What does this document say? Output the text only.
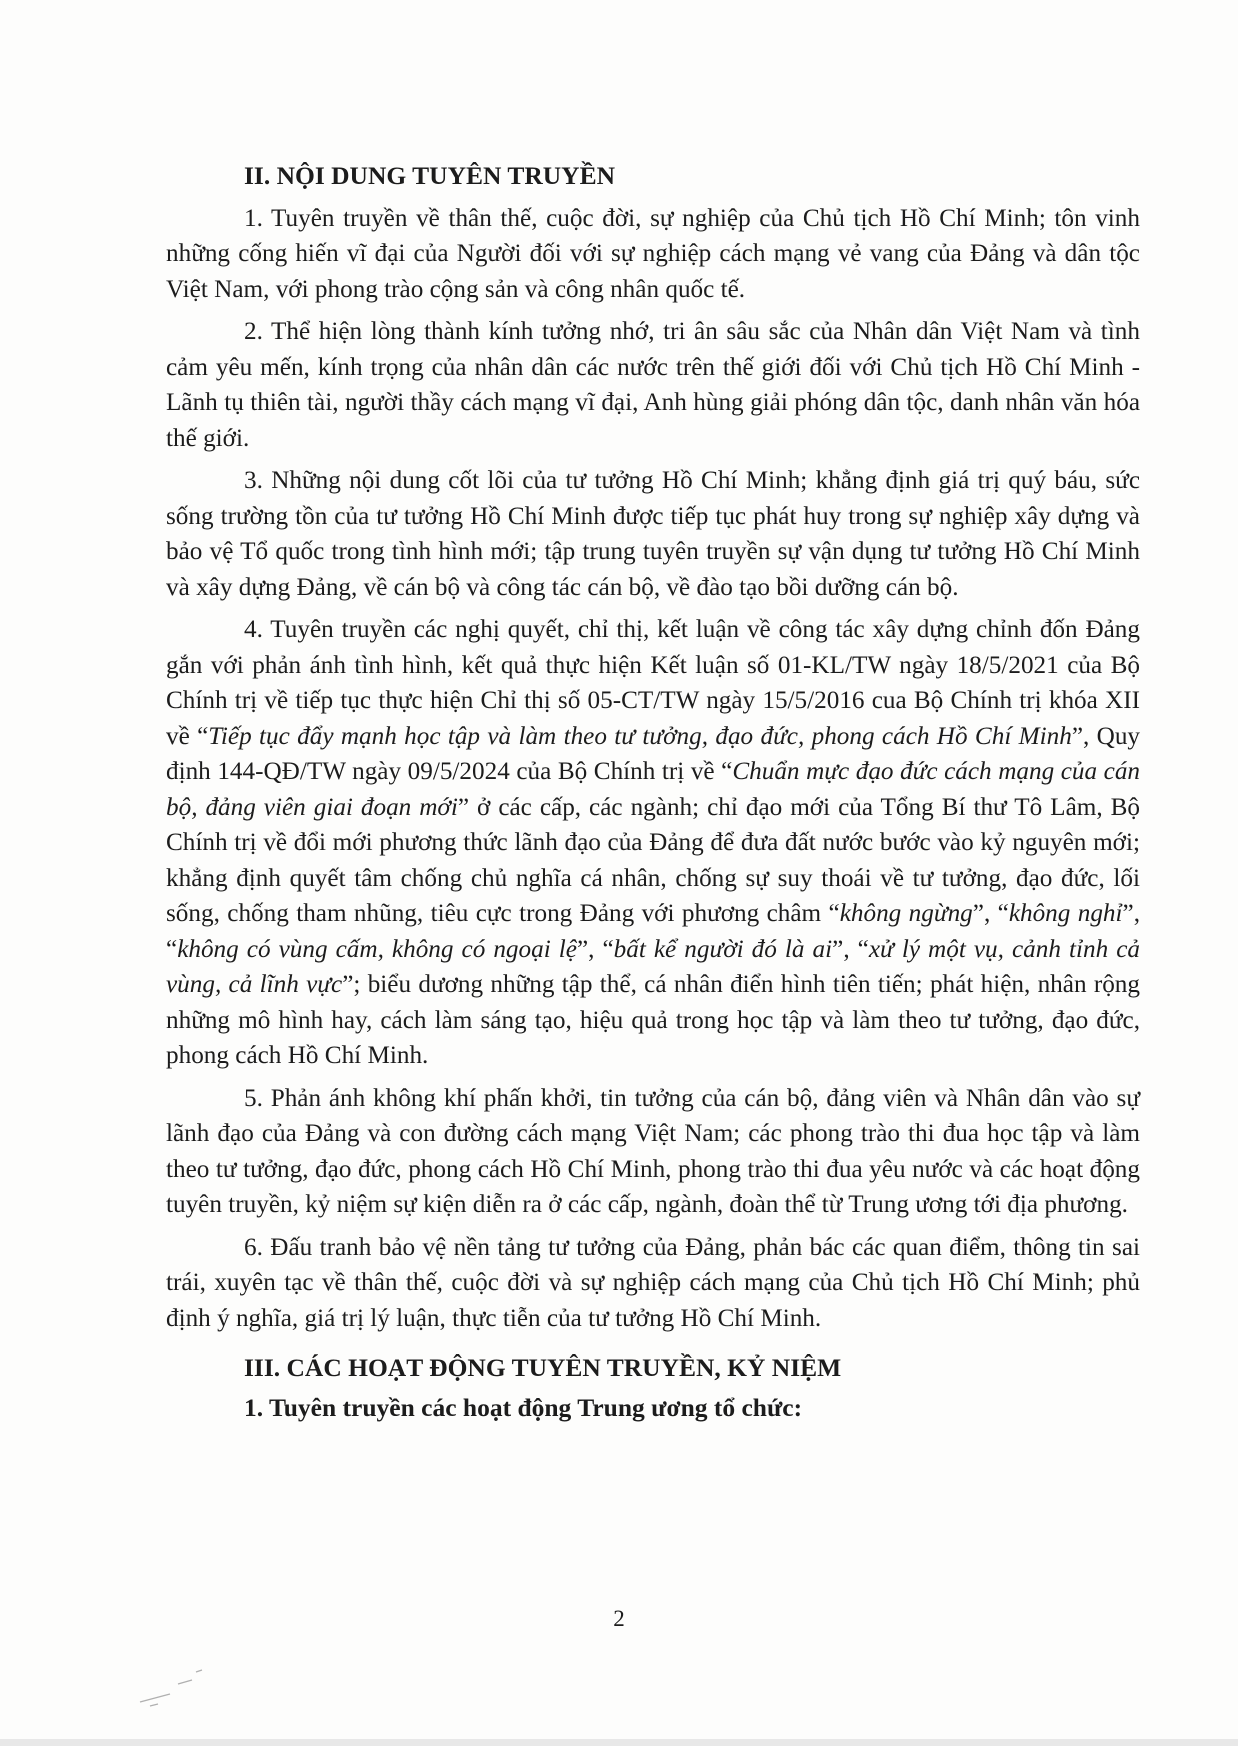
II. NỘI DUNG TUYÊN TRUYỀN

1. Tuyên truyền về thân thế, cuộc đời, sự nghiệp của Chủ tịch Hồ Chí Minh; tôn vinh những cống hiến vĩ đại của Người đối với sự nghiệp cách mạng vẻ vang của Đảng và dân tộc Việt Nam, với phong trào cộng sản và công nhân quốc tế.

2. Thể hiện lòng thành kính tưởng nhớ, tri ân sâu sắc của Nhân dân Việt Nam và tình cảm yêu mến, kính trọng của nhân dân các nước trên thế giới đối với Chủ tịch Hồ Chí Minh - Lãnh tụ thiên tài, người thầy cách mạng vĩ đại, Anh hùng giải phóng dân tộc, danh nhân văn hóa thế giới.

3. Những nội dung cốt lõi của tư tưởng Hồ Chí Minh; khẳng định giá trị quý báu, sức sống trường tồn của tư tưởng Hồ Chí Minh được tiếp tục phát huy trong sự nghiệp xây dựng và bảo vệ Tổ quốc trong tình hình mới; tập trung tuyên truyền sự vận dụng tư tưởng Hồ Chí Minh và xây dựng Đảng, về cán bộ và công tác cán bộ, về đào tạo bồi dưỡng cán bộ.

4. Tuyên truyền các nghị quyết, chỉ thị, kết luận về công tác xây dựng chỉnh đốn Đảng gắn với phản ánh tình hình, kết quả thực hiện Kết luận số 01-KL/TW ngày 18/5/2021 của Bộ Chính trị về tiếp tục thực hiện Chỉ thị số 05-CT/TW ngày 15/5/2016 cua Bộ Chính trị khóa XII về “Tiếp tục đẩy mạnh học tập và làm theo tư tưởng, đạo đức, phong cách Hồ Chí Minh”, Quy định 144-QĐ/TW ngày 09/5/2024 của Bộ Chính trị về “Chuẩn mực đạo đức cách mạng của cán bộ, đảng viên giai đoạn mới” ở các cấp, các ngành; chỉ đạo mới của Tổng Bí thư Tô Lâm, Bộ Chính trị về đổi mới phương thức lãnh đạo của Đảng để đưa đất nước bước vào kỷ nguyên mới; khẳng định quyết tâm chống chủ nghĩa cá nhân, chống sự suy thoái về tư tưởng, đạo đức, lối sống, chống tham nhũng, tiêu cực trong Đảng với phương châm “không ngừng”, “không nghỉ”, “không có vùng cấm, không có ngoại lệ”, “bất kể người đó là ai”, “xử lý một vụ, cảnh tỉnh cả vùng, cả lĩnh vực”; biểu dương những tập thể, cá nhân điển hình tiên tiến; phát hiện, nhân rộng những mô hình hay, cách làm sáng tạo, hiệu quả trong học tập và làm theo tư tưởng, đạo đức, phong cách Hồ Chí Minh.

5. Phản ánh không khí phấn khởi, tin tưởng của cán bộ, đảng viên và Nhân dân vào sự lãnh đạo của Đảng và con đường cách mạng Việt Nam; các phong trào thi đua học tập và làm theo tư tưởng, đạo đức, phong cách Hồ Chí Minh, phong trào thi đua yêu nước và các hoạt động tuyên truyền, kỷ niệm sự kiện diễn ra ở các cấp, ngành, đoàn thể từ Trung ương tới địa phương.

6. Đấu tranh bảo vệ nền tảng tư tưởng của Đảng, phản bác các quan điểm, thông tin sai trái, xuyên tạc về thân thế, cuộc đời và sự nghiệp cách mạng của Chủ tịch Hồ Chí Minh; phủ định ý nghĩa, giá trị lý luận, thực tiễn của tư tưởng Hồ Chí Minh.

III. CÁC HOẠT ĐỘNG TUYÊN TRUYỀN, KỶ NIỆM
1. Tuyên truyền các hoạt động Trung ương tổ chức:
2
